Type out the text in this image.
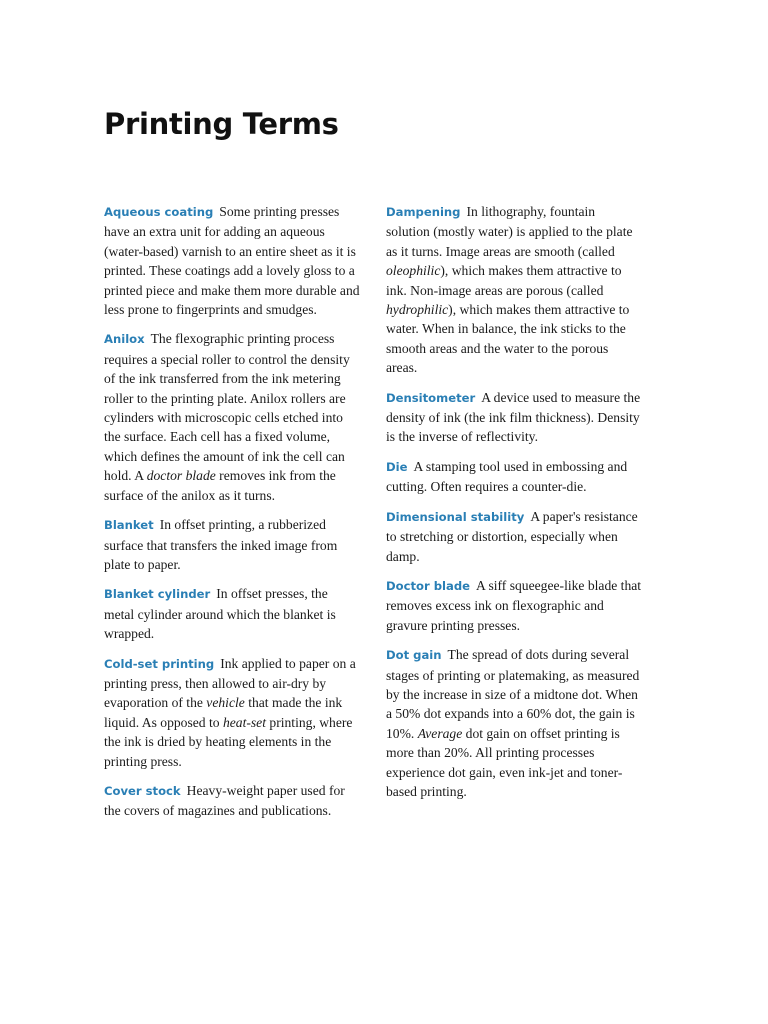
Printing Terms

Aqueous coating Some printing presses have an extra unit for adding an aqueous (water-based) varnish to an entire sheet as it is printed. These coatings add a lovely gloss to a printed piece and make them more durable and less prone to fingerprints and smudges.

Anilox The flexographic printing process requires a special roller to control the density of the ink transferred from the ink metering roller to the printing plate. Anilox rollers are cylinders with microscopic cells etched into the surface. Each cell has a fixed volume, which defines the amount of ink the cell can hold. A doctor blade removes ink from the surface of the anilox as it turns.

Blanket In offset printing, a rubberized surface that transfers the inked image from plate to paper.

Blanket cylinder In offset presses, the metal cylinder around which the blanket is wrapped.

Cold-set printing Ink applied to paper on a printing press, then allowed to air-dry by evaporation of the vehicle that made the ink liquid. As opposed to heat-set printing, where the ink is dried by heating elements in the printing press.

Cover stock Heavy-weight paper used for the covers of magazines and publications.

Dampening In lithography, fountain solution (mostly water) is applied to the plate as it turns. Image areas are smooth (called oleophilic), which makes them attractive to ink. Non-image areas are porous (called hydrophilic), which makes them attractive to water. When in balance, the ink sticks to the smooth areas and the water to the porous areas.

Densitometer A device used to measure the density of ink (the ink film thickness). Density is the inverse of reflectivity.

Die A stamping tool used in embossing and cutting. Often requires a counter-die.

Dimensional stability A paper's resistance to stretching or distortion, especially when damp.

Doctor blade A siff squeegee-like blade that removes excess ink on flexographic and gravure printing presses.

Dot gain The spread of dots during several stages of printing or platemaking, as measured by the increase in size of a midtone dot. When a 50% dot expands into a 60% dot, the gain is 10%. Average dot gain on offset printing is more than 20%. All printing processes experience dot gain, even ink-jet and toner-based printing.
